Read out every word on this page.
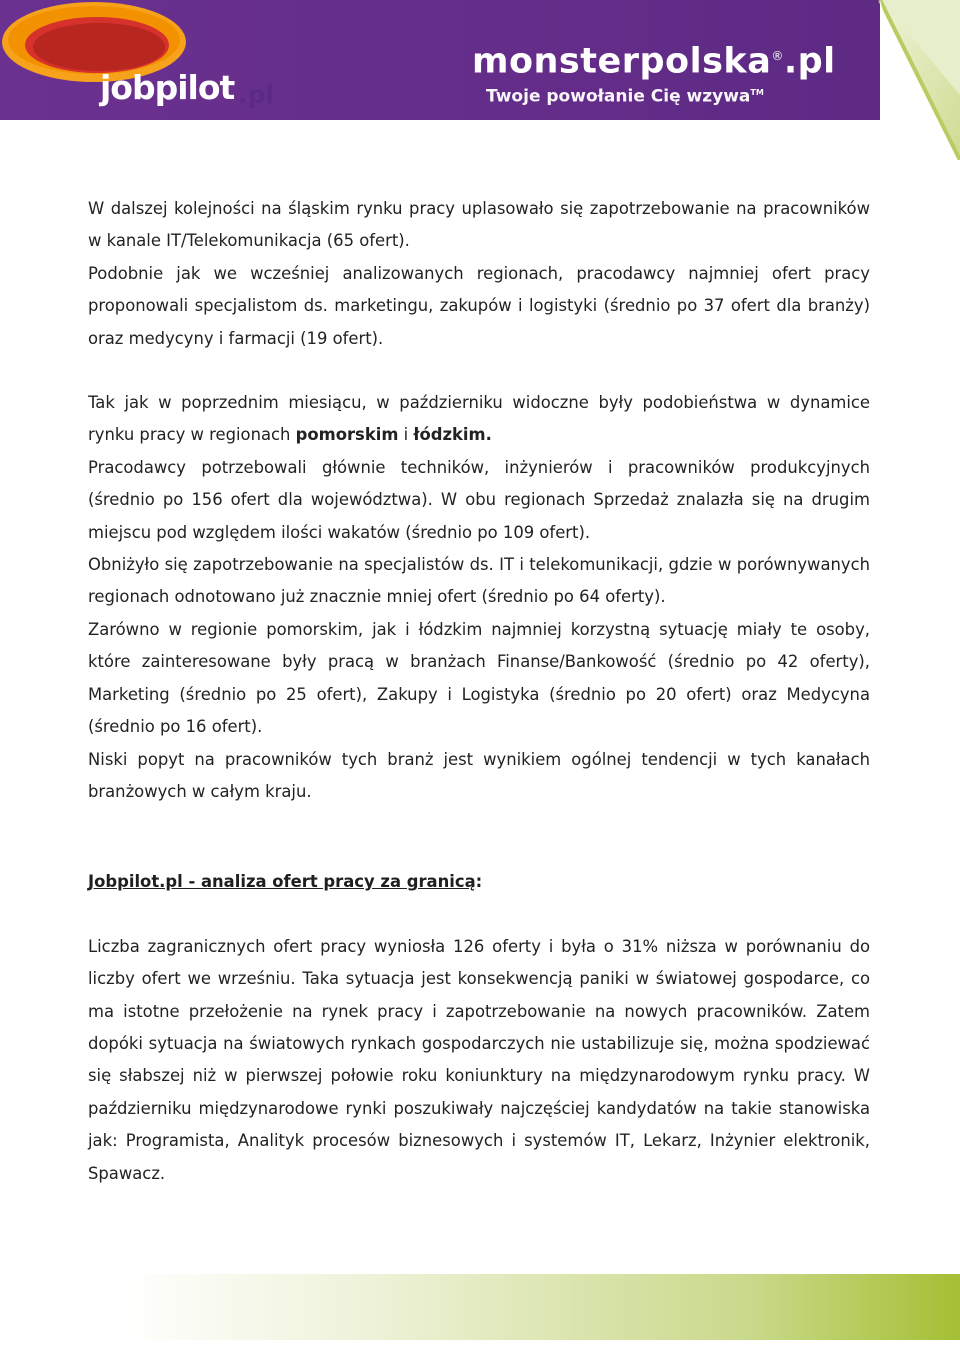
monsterpolska®.pl
Twoje powołanie Cię wzywa™
jobpilot .pl

W dalszej kolejności na śląskim rynku pracy uplasowało się zapotrzebowanie na pracowników w kanale IT/Telekomunikacja (65 ofert).

Podobnie jak we wcześniej analizowanych regionach, pracodawcy najmniej ofert pracy proponowali specjalistom ds. marketingu, zakupów i logistyki (średnio po 37 ofert dla branży) oraz medycyny i farmacji (19 ofert).

Tak jak w poprzednim miesiącu, w październiku widoczne były podobieństwa w dynamice rynku pracy w regionach pomorskim i łódzkim.

Pracodawcy potrzebowali głównie techników, inżynierów i pracowników produkcyjnych (średnio po 156 ofert dla województwa). W obu regionach Sprzedaż znalazła się na drugim miejscu pod względem ilości wakatów (średnio po 109 ofert).

Obniżyło się zapotrzebowanie na specjalistów ds. IT i telekomunikacji, gdzie w porównywanych regionach odnotowano już znacznie mniej ofert (średnio po 64 oferty).

Zarówno w regionie pomorskim, jak i łódzkim najmniej korzystną sytuację miały te osoby, które zainteresowane były pracą w branżach Finanse/Bankowość (średnio po 42 oferty), Marketing (średnio po 25 ofert), Zakupy i Logistyka (średnio po 20 ofert) oraz Medycyna (średnio po 16 ofert).

Niski popyt na pracowników tych branż jest wynikiem ogólnej tendencji w tych kanałach branżowych w całym kraju.

Jobpilot.pl - analiza ofert pracy za granicą:

Liczba zagranicznych ofert pracy wyniosła 126 oferty i była o 31% niższa w porównaniu do liczby ofert we wrześniu. Taka sytuacja jest konsekwencją paniki w światowej gospodarce, co ma istotne przełożenie na rynek pracy i zapotrzebowanie na nowych pracowników. Zatem dopóki sytuacja na światowych rynkach gospodarczych nie ustabilizuje się, można spodziewać się słabszej niż w pierwszej połowie roku koniunktury na międzynarodowym rynku pracy. W październiku międzynarodowe rynki poszukiwały najczęściej kandydatów na takie stanowiska jak: Programista, Analityk procesów biznesowych i systemów IT, Lekarz, Inżynier elektronik, Spawacz.
